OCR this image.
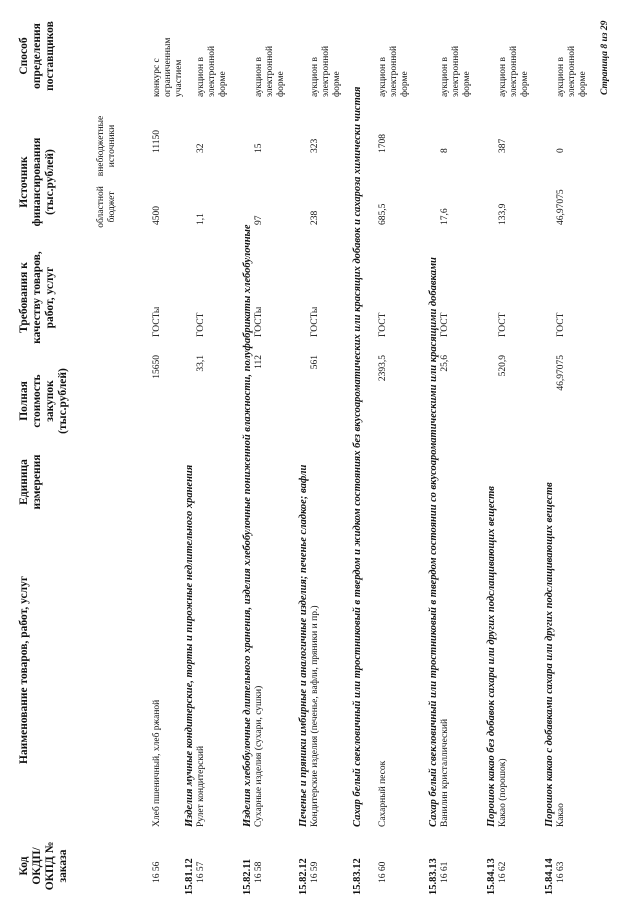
Код ОКДП/ ОКПД № заказа
Наименование товаров, работ, услуг
Единица измерения
Полная стоимость закупок (тыс.рублей)
Требования к качеству товаров, работ, услуг
Источник финансирования (тыс.рублей)	областной бюджет
внебюджетные источники
Способ определения поставщиков
16 56
Хлеб пшеничный, хлеб ржаной
15650
ГОСТы
4500
11150
конкурс с ограниченным участием
15.81.12
Изделия мучные кондитерские, торты и пирожные недлительного хранения
16 57
Рулет кондитерский
33,1
ГОСТ
1,1
32
аукцион в электронной форме
15.82.11
Изделия хлебобулочные длительного хранения, изделия хлебобулочные пониженной влажности, полуфабрикаты хлебобулочные
16 58
Сухарные изделия (сухари, сушки)
112
ГОСТы
97
15
аукцион в электронной форме
15.82.12
Печенье и пряники имбирные и аналогичные изделия; печенье сладкое; вафли
16 59
Кондитерские изделия (печенье, вафли, пряники и пр.)
561
ГОСТы
238
323
аукцион в электронной форме
15.83.12
Сахар белый свекловичный или тростниковый в твердом и жидком состояниях без вкусоароматических или красящих добавок и сахароза химически чистая
16 60
Сахарный песок
2393,5
ГОСТ
685,5
1708
аукцион в электронной форме
15.83.13
Сахар белый свекловичный или тростниковый в твердом состоянии со вкусоароматическими или красящими добавками
16 61
Ванилин кристаллический
25,6
ГОСТ
17,6
8
аукцион в электронной форме
15.84.13
Порошок какао без добавок сахара или других подслащивающих веществ
16 62
Какао (порошок)
520,9
ГОСТ
133,9
387
аукцион в электронной форме
15.84.14
Порошок какао с добавками сахара или других подслащивающих веществ
16 63
Какао
46,97075
ГОСТ
46,97075
0
аукцион в электронной форме Страница 8 из 29
